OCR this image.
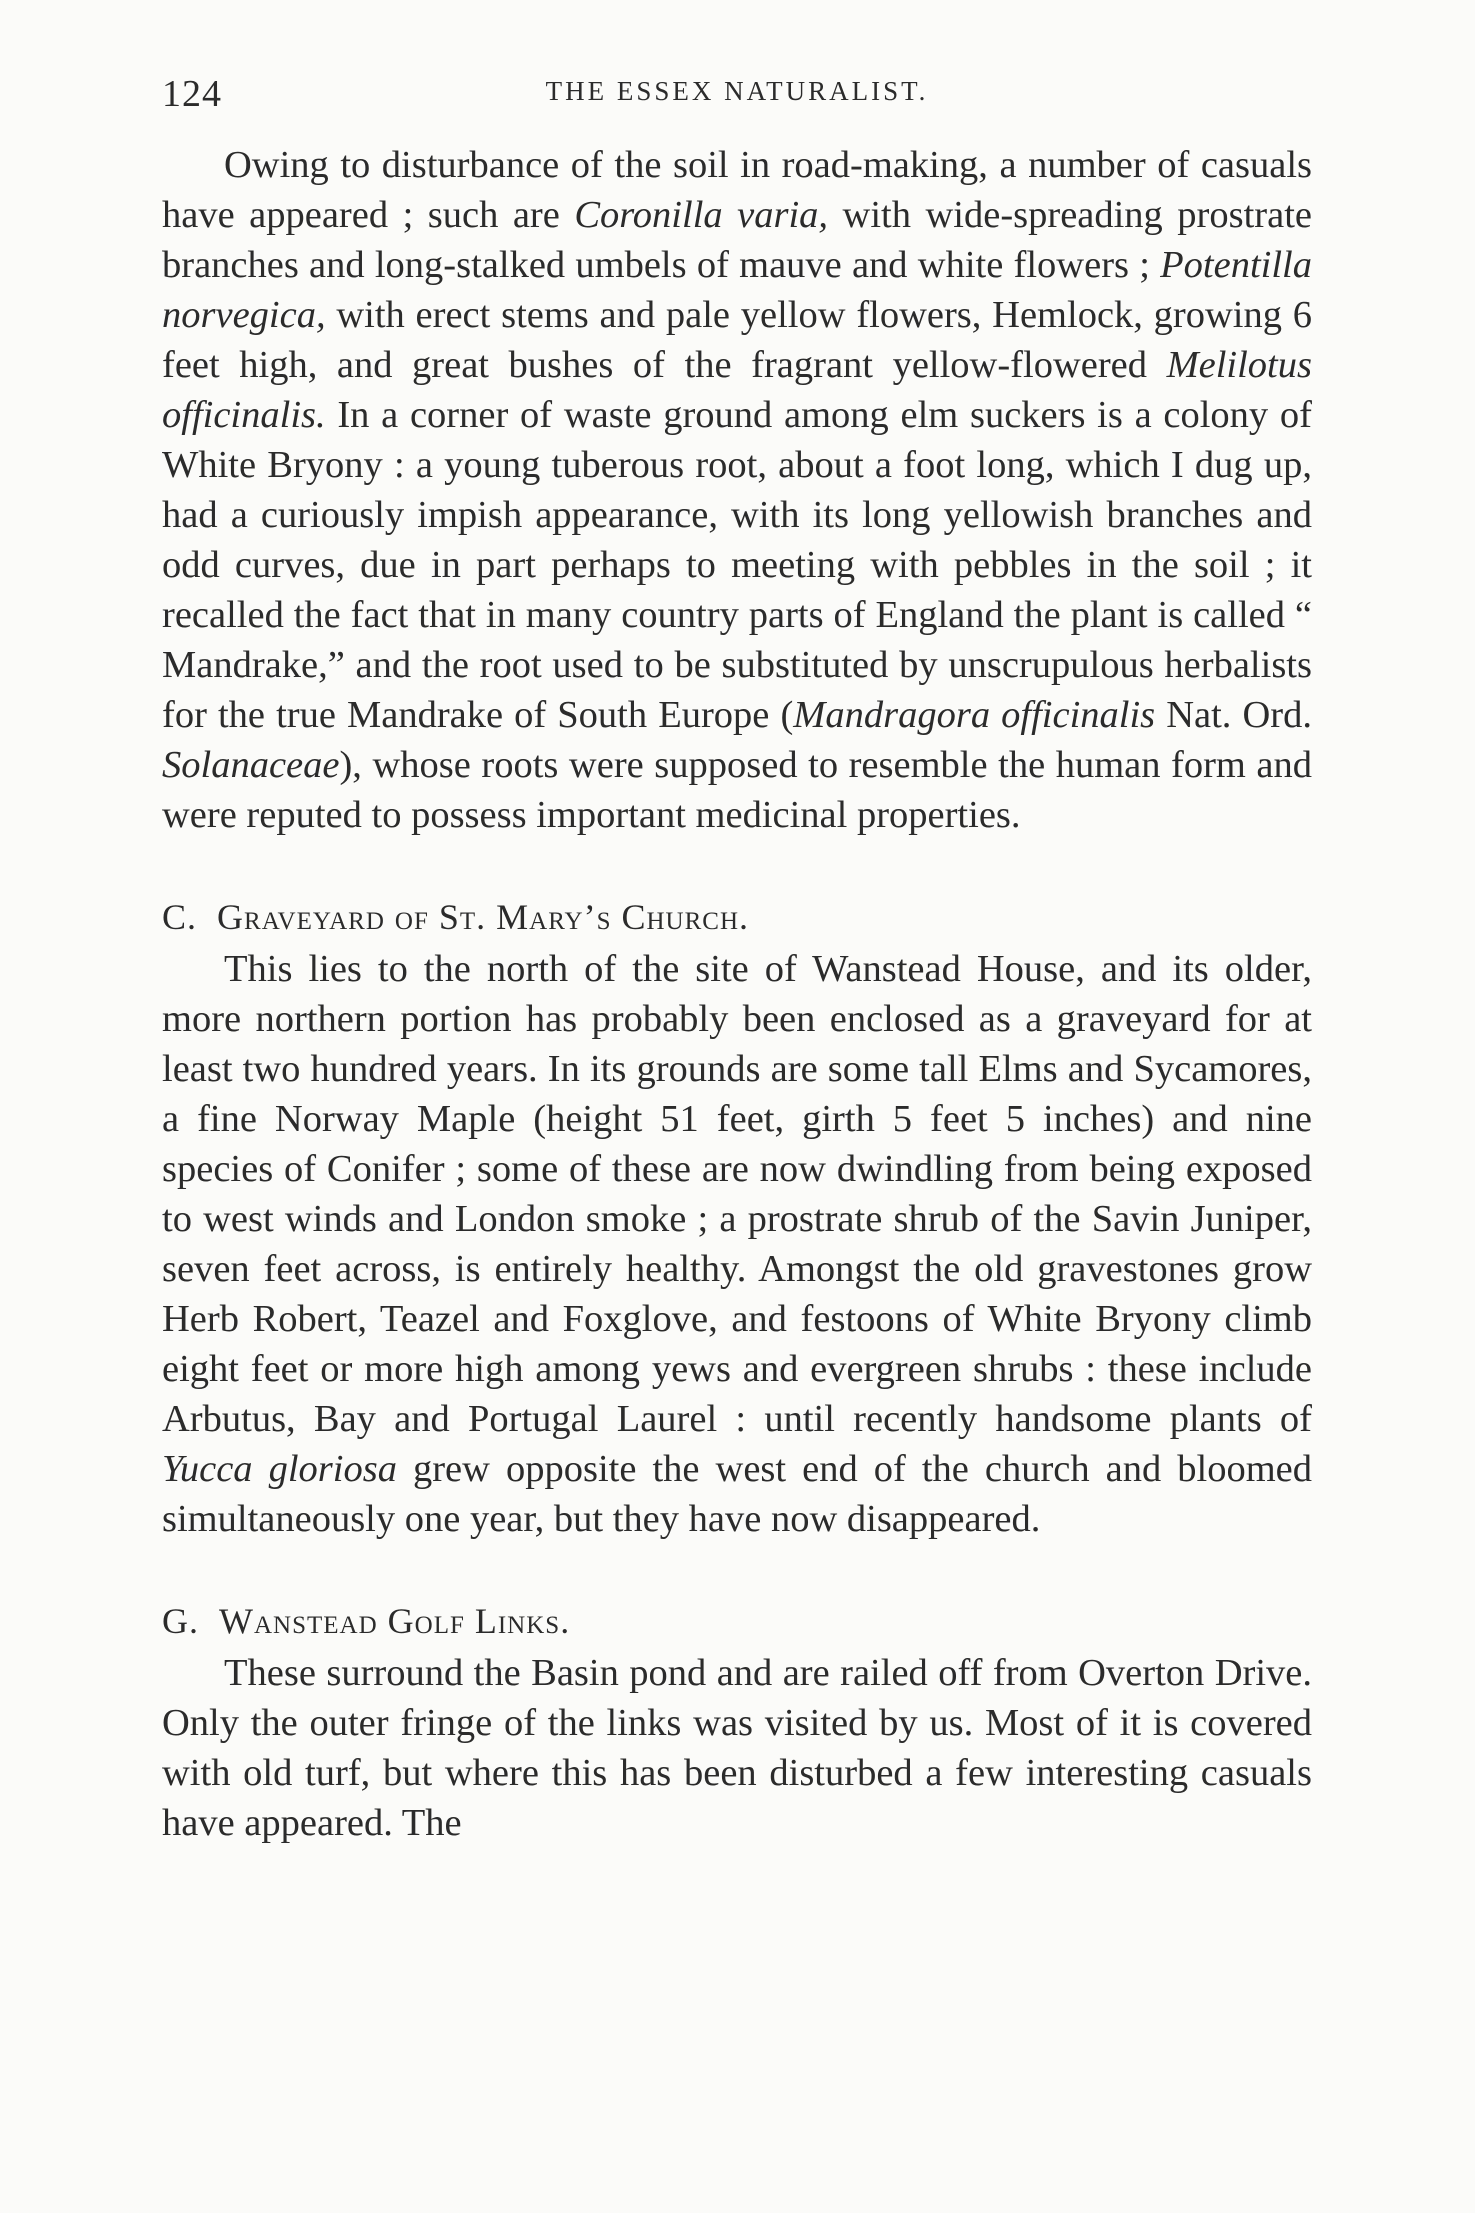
124	THE ESSEX NATURALIST.

Owing to disturbance of the soil in road-making, a number of casuals have appeared ; such are Coronilla varia, with wide-spreading prostrate branches and long-stalked umbels of mauve and white flowers ; Potentilla norvegica, with erect stems and pale yellow flowers, Hemlock, growing 6 feet high, and great bushes of the fragrant yellow-flowered Melilotus officinalis. In a corner of waste ground among elm suckers is a colony of White Bryony : a young tuberous root, about a foot long, which I dug up, had a curiously impish appearance, with its long yellowish branches and odd curves, due in part perhaps to meeting with pebbles in the soil ; it recalled the fact that in many country parts of England the plant is called “ Mandrake,” and the root used to be substituted by unscrupulous herbalists for the true Mandrake of South Europe (Mandragora officinalis Nat. Ord. Solanaceae), whose roots were supposed to resemble the human form and were reputed to possess important medicinal properties.

C. Graveyard of St. Mary’s Church.

This lies to the north of the site of Wanstead House, and its older, more northern portion has probably been enclosed as a graveyard for at least two hundred years. In its grounds are some tall Elms and Sycamores, a fine Norway Maple (height 51 feet, girth 5 feet 5 inches) and nine species of Conifer ; some of these are now dwindling from being exposed to west winds and London smoke ; a prostrate shrub of the Savin Juniper, seven feet across, is entirely healthy. Amongst the old gravestones grow Herb Robert, Teazel and Foxglove, and festoons of White Bryony climb eight feet or more high among yews and evergreen shrubs : these include Arbutus, Bay and Portugal Laurel : until recently handsome plants of Yucca gloriosa grew opposite the west end of the church and bloomed simultaneously one year, but they have now disappeared.

G. Wanstead Golf Links.

These surround the Basin pond and are railed off from Overton Drive. Only the outer fringe of the links was visited by us. Most of it is covered with old turf, but where this has been disturbed a few interesting casuals have appeared. The
